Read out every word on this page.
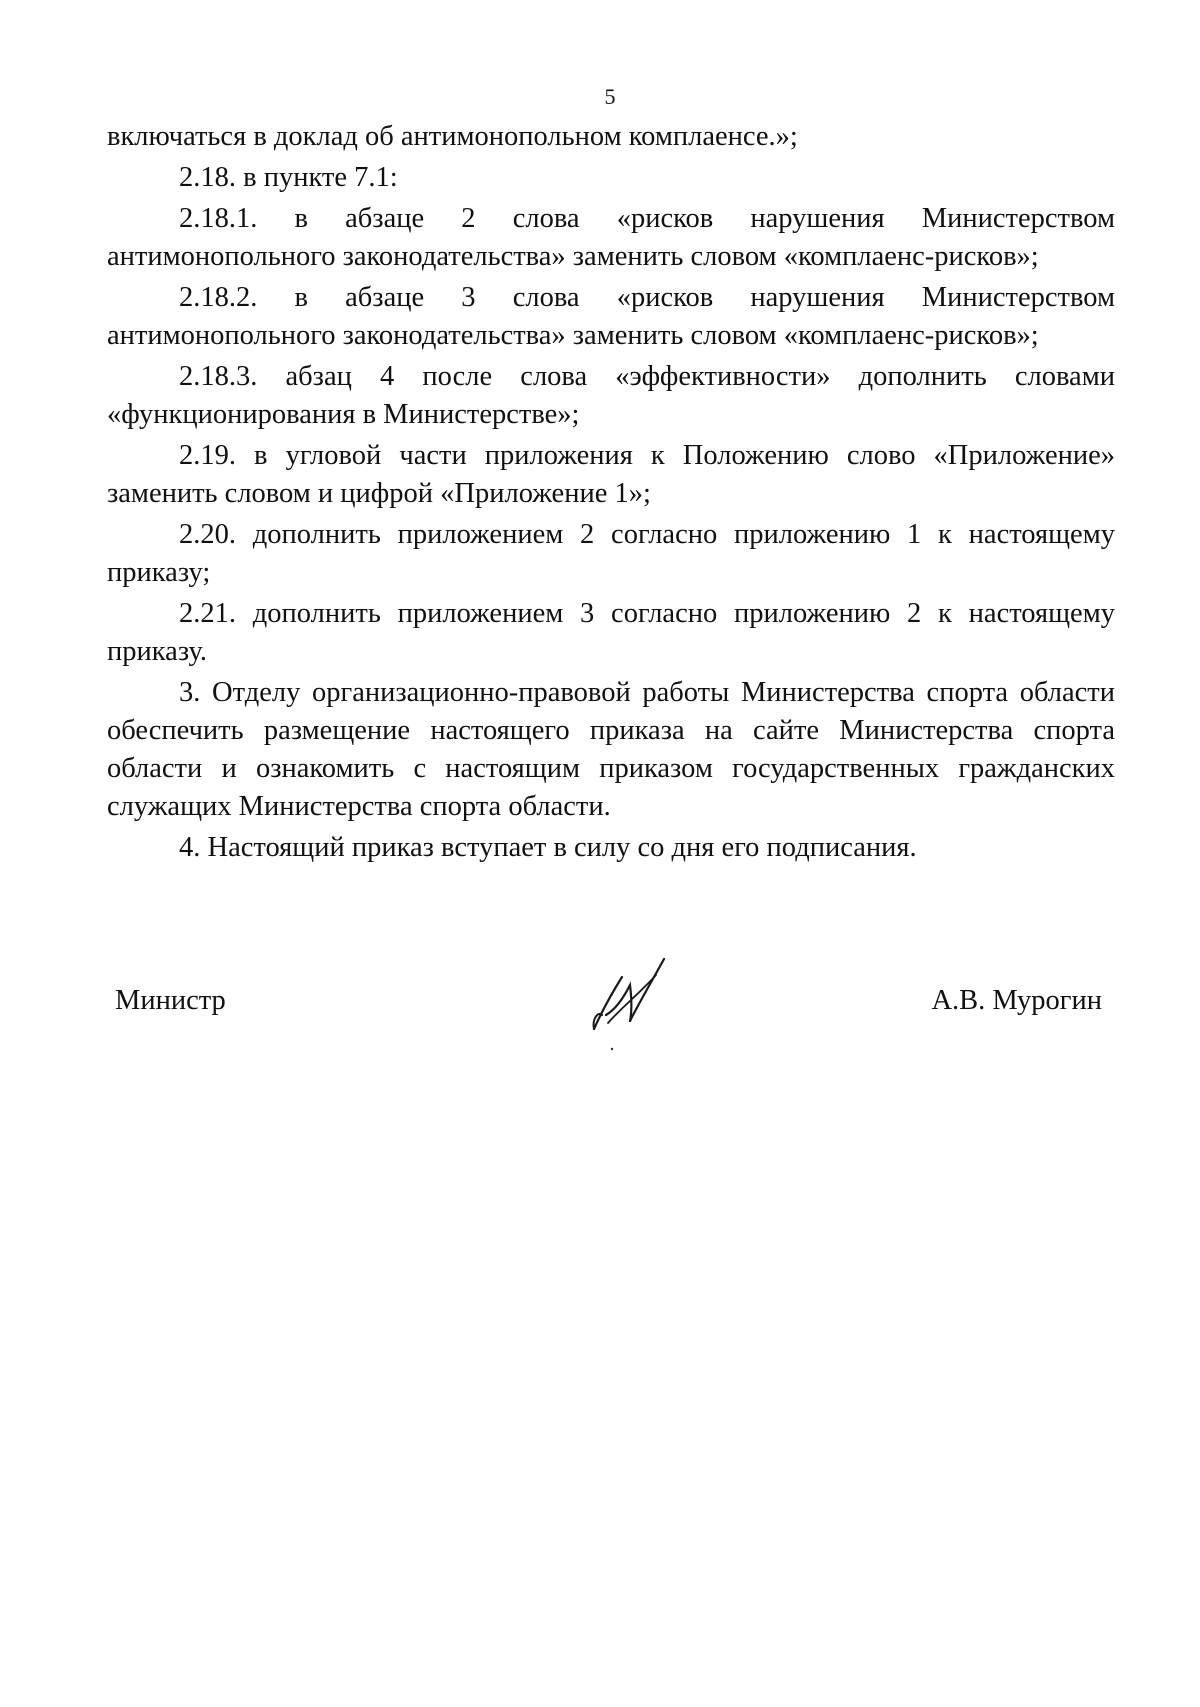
5

включаться в доклад об антимонопольном комплаенсе.»;

2.18. в пункте 7.1:

2.18.1. в абзаце 2 слова «рисков нарушения Министерством антимонопольного законодательства» заменить словом «комплаенс-рисков»;

2.18.2. в абзаце 3 слова «рисков нарушения Министерством антимонопольного законодательства» заменить словом «комплаенс-рисков»;

2.18.3. абзац 4 после слова «эффективности» дополнить словами «функционирования в Министерстве»;

2.19. в угловой части приложения к Положению слово «Приложение» заменить словом и цифрой «Приложение 1»;

2.20. дополнить приложением 2 согласно приложению 1 к настоящему приказу;

2.21. дополнить приложением 3 согласно приложению 2 к настоящему приказу.

3. Отделу организационно-правовой работы Министерства спорта области обеспечить размещение настоящего приказа на сайте Министерства спорта области и ознакомить с настоящим приказом государственных гражданских служащих Министерства спорта области.

4. Настоящий приказ вступает в силу со дня его подписания.

Министр	А.В. Мурогин
